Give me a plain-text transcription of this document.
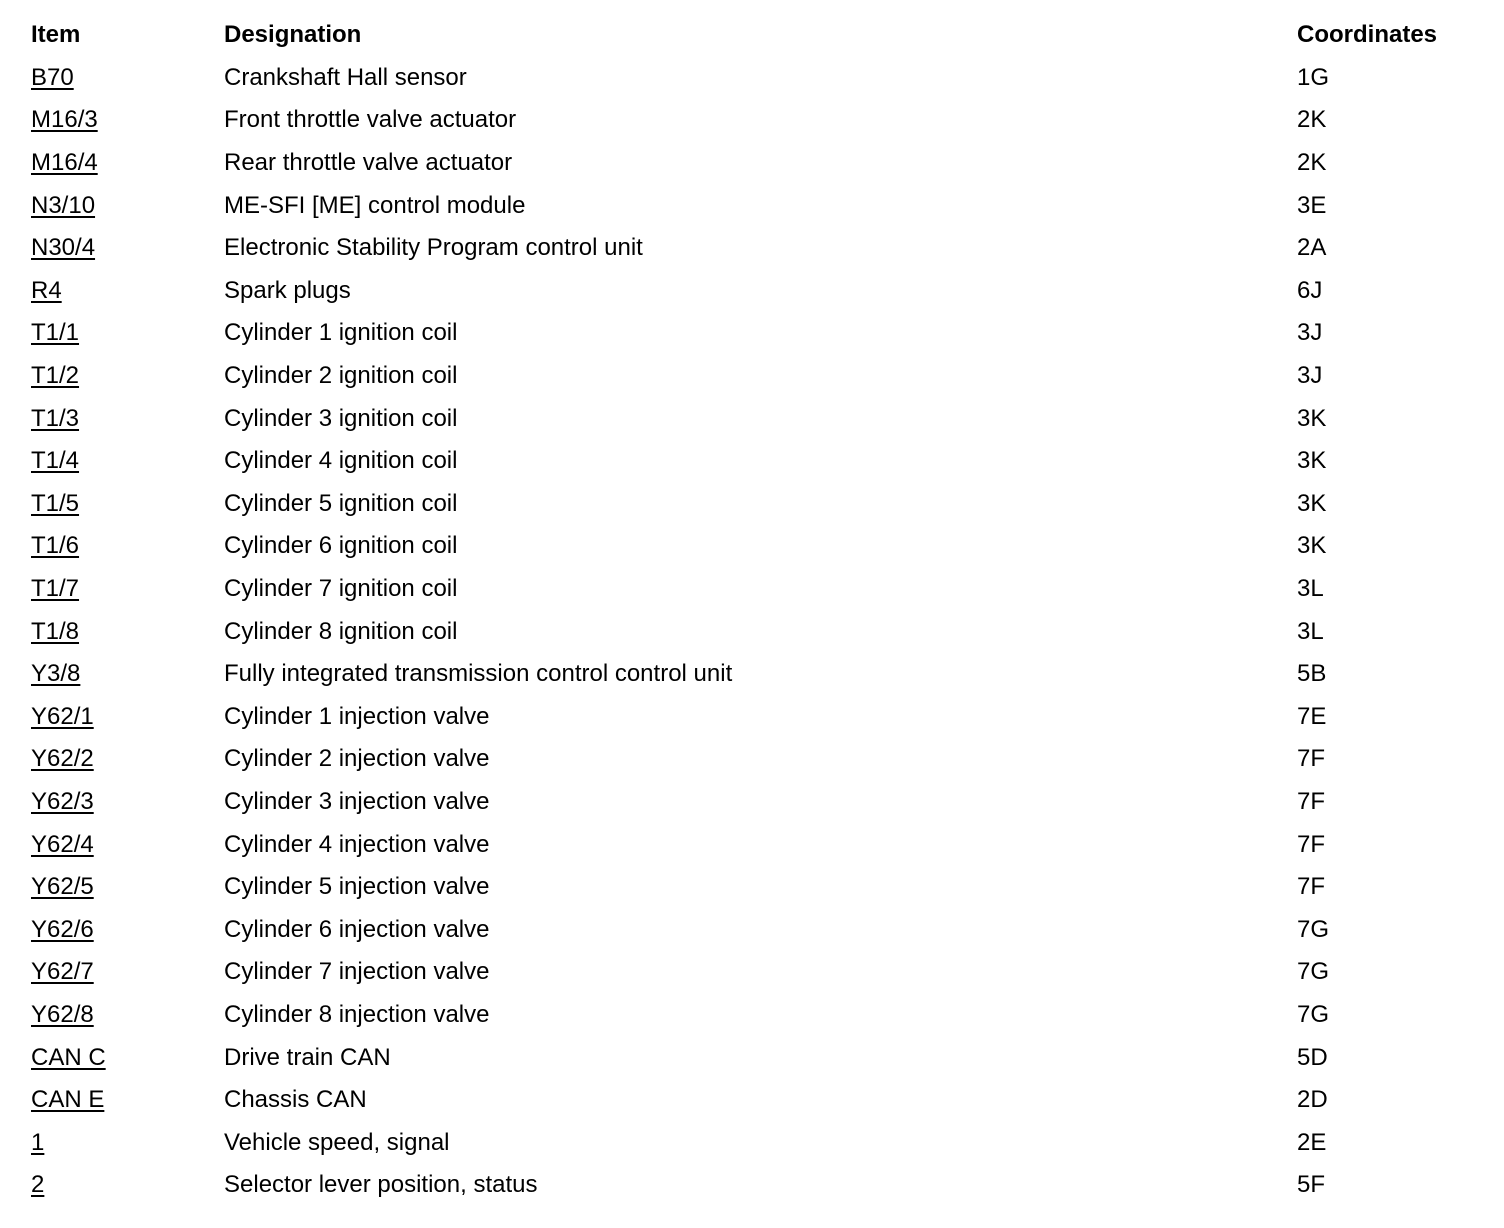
Item	Designation	Coordinates
B70	Crankshaft Hall sensor	1G
M16/3	Front throttle valve actuator	2K
M16/4	Rear throttle valve actuator	2K
N3/10	ME-SFI [ME] control module	3E
N30/4	Electronic Stability Program control unit	2A
R4	Spark plugs	6J
T1/1	Cylinder 1 ignition coil	3J
T1/2	Cylinder 2 ignition coil	3J
T1/3	Cylinder 3 ignition coil	3K
T1/4	Cylinder 4 ignition coil	3K
T1/5	Cylinder 5 ignition coil	3K
T1/6	Cylinder 6 ignition coil	3K
T1/7	Cylinder 7 ignition coil	3L
T1/8	Cylinder 8 ignition coil	3L
Y3/8	Fully integrated transmission control control unit	5B
Y62/1	Cylinder 1 injection valve	7E
Y62/2	Cylinder 2 injection valve	7F
Y62/3	Cylinder 3 injection valve	7F
Y62/4	Cylinder 4 injection valve	7F
Y62/5	Cylinder 5 injection valve	7F
Y62/6	Cylinder 6 injection valve	7G
Y62/7	Cylinder 7 injection valve	7G
Y62/8	Cylinder 8 injection valve	7G
CAN C	Drive train CAN	5D
CAN E	Chassis CAN	2D
1	Vehicle speed, signal	2E
2	Selector lever position, status	5F
